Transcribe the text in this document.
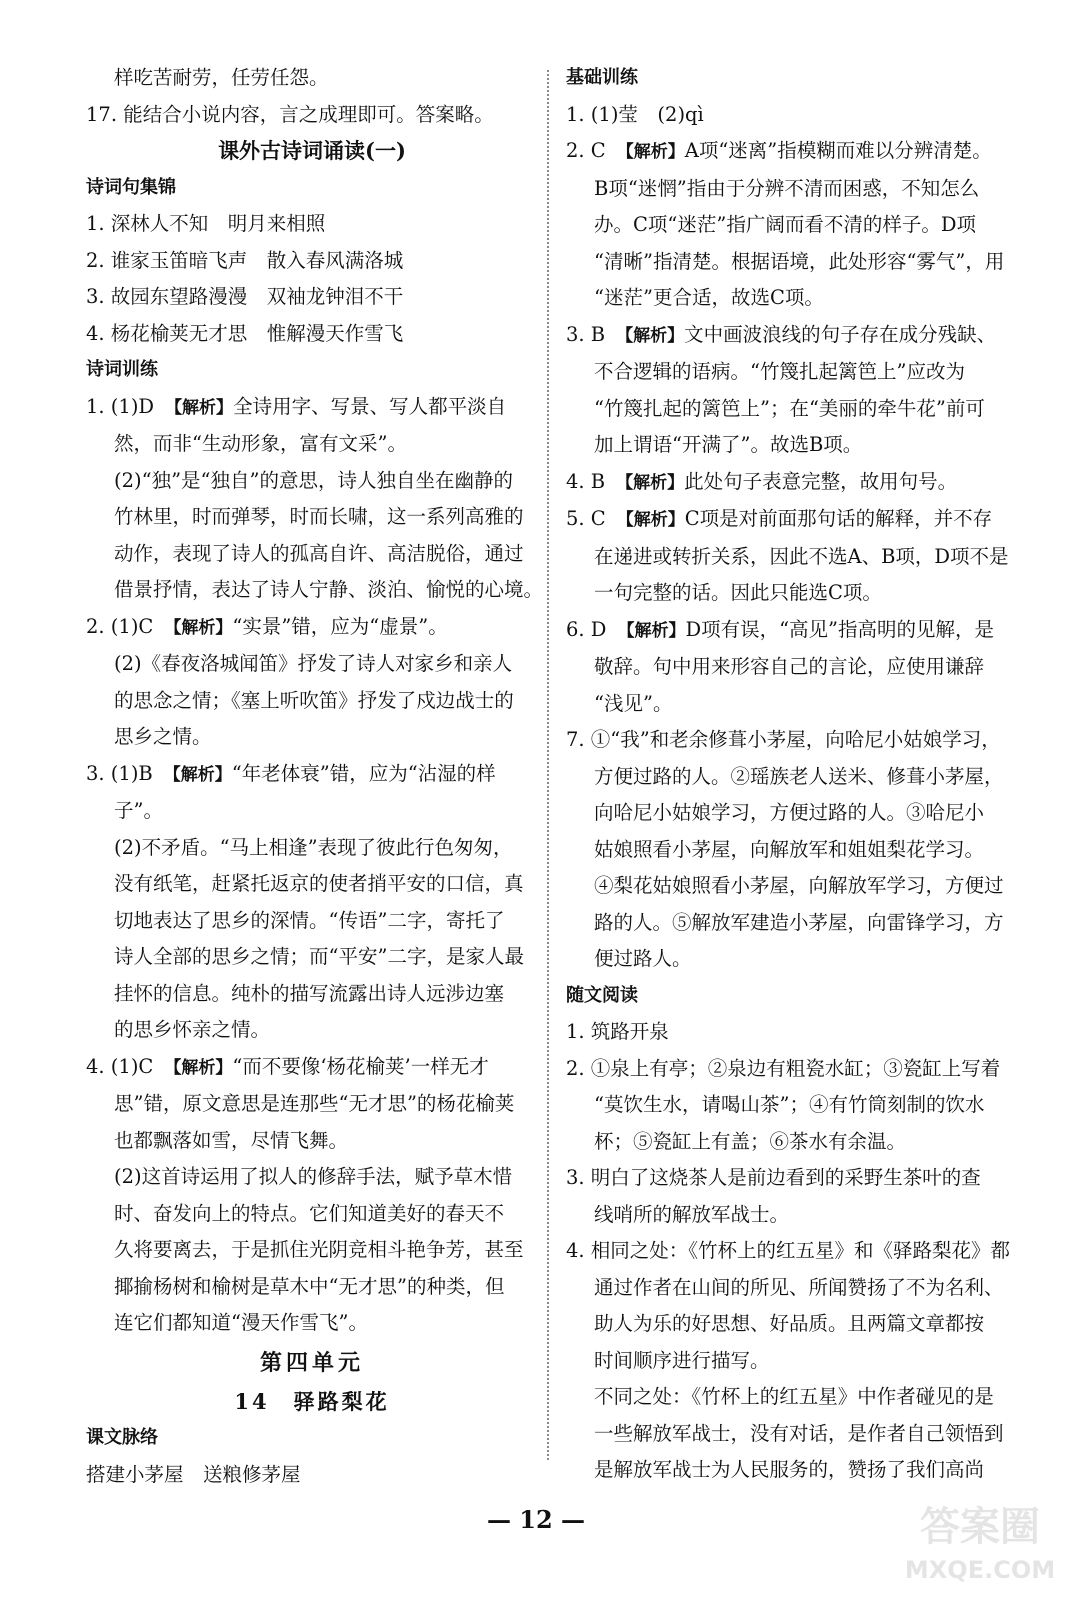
样吃苦耐劳，任劳任怨。

17. 能结合小说内容，言之成理即可。答案略。

课外古诗词诵读(一)

诗词句集锦

1. 深林人不知　明月来相照

2. 谁家玉笛暗飞声　散入春风满洛城

3. 故园东望路漫漫　双袖龙钟泪不干

4. 杨花榆荚无才思　惟解漫天作雪飞

诗词训练

1. (1)D　【解析】全诗用字、写景、写人都平淡自

然，而非“生动形象，富有文采”。

(2)“独”是“独自”的意思，诗人独自坐在幽静的

竹林里，时而弹琴，时而长啸，这一系列高雅的

动作，表现了诗人的孤高自许、高洁脱俗，通过

借景抒情，表达了诗人宁静、淡泊、愉悦的心境。

2. (1)C　【解析】“实景”错，应为“虚景”。

(2)《春夜洛城闻笛》抒发了诗人对家乡和亲人

的思念之情；《塞上听吹笛》抒发了戍边战士的

思乡之情。

3. (1)B　【解析】“年老体衰”错，应为“沾湿的样

子”。

(2)不矛盾。“马上相逢”表现了彼此行色匆匆，

没有纸笔，赶紧托返京的使者捎平安的口信，真

切地表达了思乡的深情。“传语”二字，寄托了

诗人全部的思乡之情；而“平安”二字，是家人最

挂怀的信息。纯朴的描写流露出诗人远涉边塞

的思乡怀亲之情。

4. (1)C　【解析】“而不要像‘杨花榆荚’一样无才

思”错，原文意思是连那些“无才思”的杨花榆荚

也都飘落如雪，尽情飞舞。

(2)这首诗运用了拟人的修辞手法，赋予草木惜

时、奋发向上的特点。它们知道美好的春天不

久将要离去，于是抓住光阴竞相斗艳争芳，甚至

揶揄杨树和榆树是草木中“无才思”的种类，但

连它们都知道“漫天作雪飞”。

第四单元

14　驿路梨花

课文脉络

搭建小茅屋　送粮修茅屋

基础训练

1. (1)莹　(2)qì

2. C　【解析】A项“迷离”指模糊而难以分辨清楚。

B项“迷惘”指由于分辨不清而困惑，不知怎么

办。C项“迷茫”指广阔而看不清的样子。D项

“清晰”指清楚。根据语境，此处形容“雾气”，用

“迷茫”更合适，故选C项。

3. B　【解析】文中画波浪线的句子存在成分残缺、

不合逻辑的语病。“竹篾扎起篱笆上”应改为

“竹篾扎起的篱笆上”；在“美丽的牵牛花”前可

加上谓语“开满了”。故选B项。

4. B　【解析】此处句子表意完整，故用句号。

5. C　【解析】C项是对前面那句话的解释，并不存

在递进或转折关系，因此不选A、B项，D项不是

一句完整的话。因此只能选C项。

6. D　【解析】D项有误，“高见”指高明的见解，是

敬辞。句中用来形容自己的言论，应使用谦辞

“浅见”。

7. ①“我”和老余修葺小茅屋，向哈尼小姑娘学习，

方便过路的人。②瑶族老人送米、修葺小茅屋，

向哈尼小姑娘学习，方便过路的人。③哈尼小

姑娘照看小茅屋，向解放军和姐姐梨花学习。

④梨花姑娘照看小茅屋，向解放军学习，方便过

路的人。⑤解放军建造小茅屋，向雷锋学习，方

便过路人。

随文阅读

1. 筑路开泉

2. ①泉上有亭；②泉边有粗瓷水缸；③瓷缸上写着

“莫饮生水，请喝山茶”；④有竹筒刻制的饮水

杯；⑤瓷缸上有盖；⑥茶水有余温。

3. 明白了这烧茶人是前边看到的采野生茶叶的查

线哨所的解放军战士。

4. 相同之处：《竹杯上的红五星》和《驿路梨花》都

通过作者在山间的所见、所闻赞扬了不为名利、

助人为乐的好思想、好品质。且两篇文章都按

时间顺序进行描写。

不同之处：《竹杯上的红五星》中作者碰见的是

一些解放军战士，没有对话，是作者自己领悟到

是解放军战士为人民服务的，赞扬了我们高尚

— 12 —	答案圈
MXQE.COM
